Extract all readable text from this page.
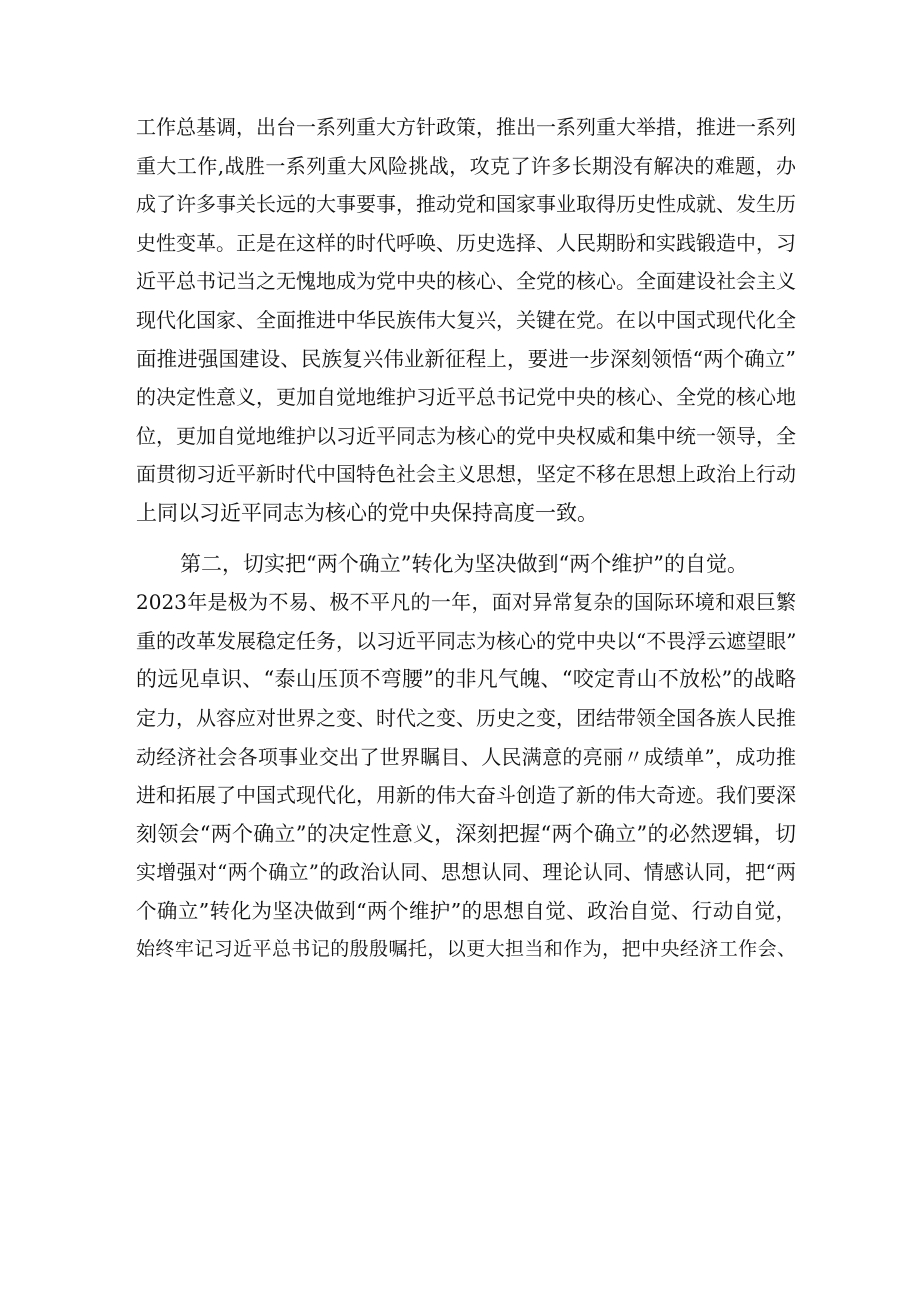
工作总基调，出台一系列重大方针政策，推出一系列重大举措，推进一系列
重大工作,战胜一系列重大风险挑战，攻克了许多长期没有解决的难题，办
成了许多事关长远的大事要事，推动党和国家事业取得历史性成就、发生历
史性变革。正是在这样的时代呼唤、历史选择、人民期盼和实践锻造中，习
近平总书记当之无愧地成为党中央的核心、全党的核心。全面建设社会主义
现代化国家、全面推进中华民族伟大复兴，关键在党。在以中国式现代化全
面推进强国建设、民族复兴伟业新征程上，要进一步深刻领悟“两个确立”
的决定性意义，更加自觉地维护习近平总书记党中央的核心、全党的核心地
位，更加自觉地维护以习近平同志为核心的党中央权威和集中统一领导，全
面贯彻习近平新时代中国特色社会主义思想，坚定不移在思想上政治上行动
上同以习近平同志为核心的党中央保持高度一致。
第二，切实把“两个确立”转化为坚决做到“两个维护”的自觉。
2023年是极为不易、极不平凡的一年，面对异常复杂的国际环境和艰巨繁
重的改革发展稳定任务，以习近平同志为核心的党中央以“不畏浮云遮望眼”
的远见卓识、“泰山压顶不弯腰”的非凡气魄、“咬定青山不放松”的战略
定力，从容应对世界之变、时代之变、历史之变，团结带领全国各族人民推
动经济社会各项事业交出了世界瞩目、人民满意的亮丽〃成绩单”，成功推
进和拓展了中国式现代化，用新的伟大奋斗创造了新的伟大奇迹。我们要深
刻领会“两个确立”的决定性意义，深刻把握“两个确立”的必然逻辑，切
实增强对“两个确立”的政治认同、思想认同、理论认同、情感认同，把“两
个确立”转化为坚决做到“两个维护”的思想自觉、政治自觉、行动自觉，
始终牢记习近平总书记的殷殷嘱托，以更大担当和作为，把中央经济工作会、
